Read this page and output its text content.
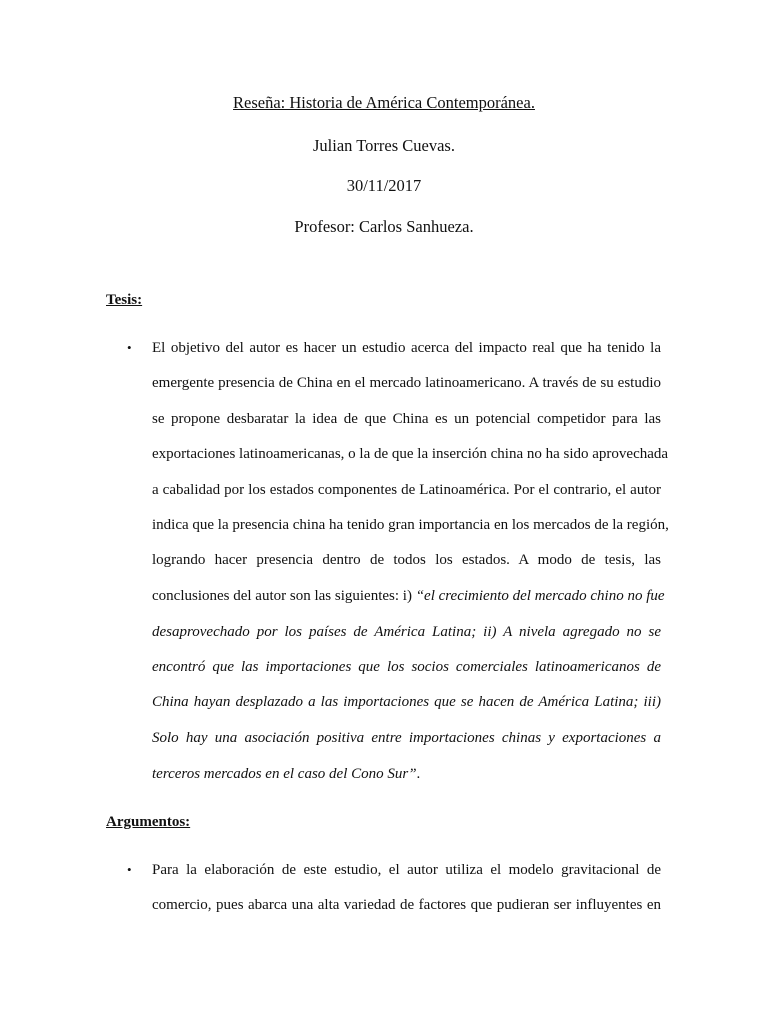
Reseña: Historia de América Contemporánea.
Julian Torres Cuevas.
30/11/2017
Profesor: Carlos Sanhueza.
Tesis:
• El objetivo del autor es hacer un estudio acerca del impacto real que ha tenido la
emergente presencia de China en el mercado latinoamericano. A través de su estudio
se propone desbaratar la idea de que China es un potencial competidor para las
exportaciones latinoamericanas, o la de que la inserción china no ha sido aprovechada
a cabalidad por los estados componentes de Latinoamérica. Por el contrario, el autor
indica que la presencia china ha tenido gran importancia en los mercados de la región,
logrando hacer presencia dentro de todos los estados. A modo de tesis, las
conclusiones del autor son las siguientes: i) “el crecimiento del mercado chino no fue
desaprovechado por los países de América Latina; ii) A nivela agregado no se
encontró que las importaciones que los socios comerciales latinoamericanos de
China hayan desplazado a las importaciones que se hacen de América Latina; iii)
Solo hay una asociación positiva entre importaciones chinas y exportaciones a
terceros mercados en el caso del Cono Sur”.
Argumentos:
• Para la elaboración de este estudio, el autor utiliza el modelo gravitacional de
comercio, pues abarca una alta variedad de factores que pudieran ser influyentes en
